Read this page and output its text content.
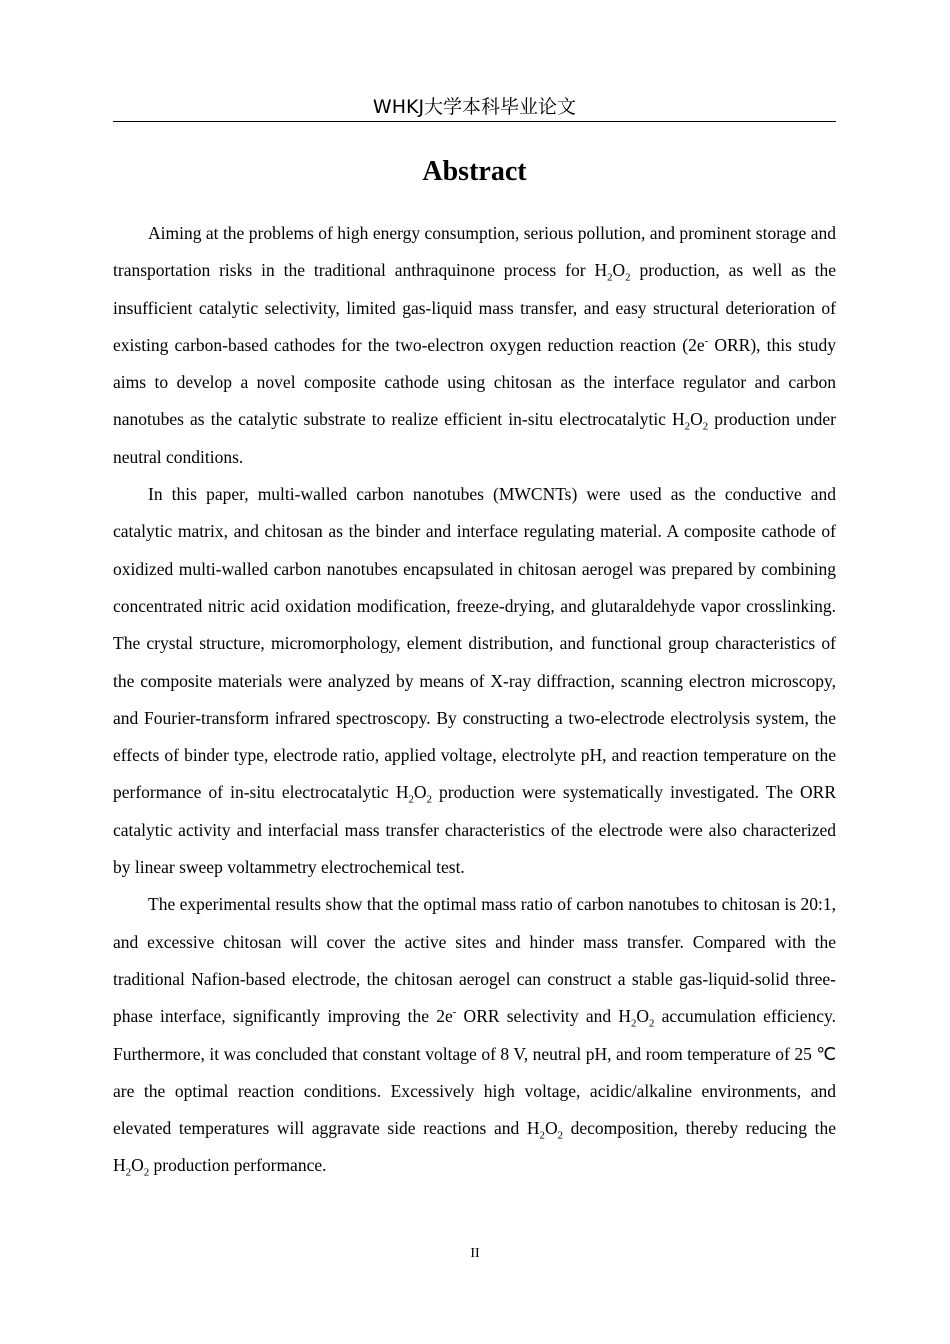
WHKJ大学本科毕业论文
Abstract

Aiming at the problems of high energy consumption, serious pollution, and prominent storage and transportation risks in the traditional anthraquinone process for $H_2O_2$ production, as well as the insufficient catalytic selectivity, limited gas-liquid mass transfer, and easy structural deterioration of existing carbon-based cathodes for the two-electron oxygen reduction reaction (2e- ORR), this study aims to develop a novel composite cathode using chitosan as the interface regulator and carbon nanotubes as the catalytic substrate to realize efficient in-situ electrocatalytic $H_2O_2$ production under neutral conditions.

In this paper, multi-walled carbon nanotubes (MWCNTs) were used as the conductive and catalytic matrix, and chitosan as the binder and interface regulating material. A composite cathode of oxidized multi-walled carbon nanotubes encapsulated in chitosan aerogel was prepared by combining concentrated nitric acid oxidation modification, freeze-drying, and glutaraldehyde vapor crosslinking. The crystal structure, micromorphology, element distribution, and functional group characteristics of the composite materials were analyzed by means of X-ray diffraction, scanning electron microscopy, and Fourier-transform infrared spectroscopy. By constructing a two-electrode electrolysis system, the effects of binder type, electrode ratio, applied voltage, electrolyte pH, and reaction temperature on the performance of in-situ electrocatalytic $H_2O_2$ production were systematically investigated. The ORR catalytic activity and interfacial mass transfer characteristics of the electrode were also characterized by linear sweep voltammetry electrochemical test.

The experimental results show that the optimal mass ratio of carbon nanotubes to chitosan is 20:1, and excessive chitosan will cover the active sites and hinder mass transfer. Compared with the traditional Nafion-based electrode, the chitosan aerogel can construct a stable gas-liquid-solid three-phase interface, significantly improving the 2e- ORR selectivity and $H_2O_2$ accumulation efficiency. Furthermore, it was concluded that constant voltage of 8 V, neutral pH, and room temperature of 25 ℃ are the optimal reaction conditions. Excessively high voltage, acidic/alkaline environments, and elevated temperatures will aggravate side reactions and $H_2O_2$ decomposition, thereby reducing the $H_2O_2$ production performance.

II
